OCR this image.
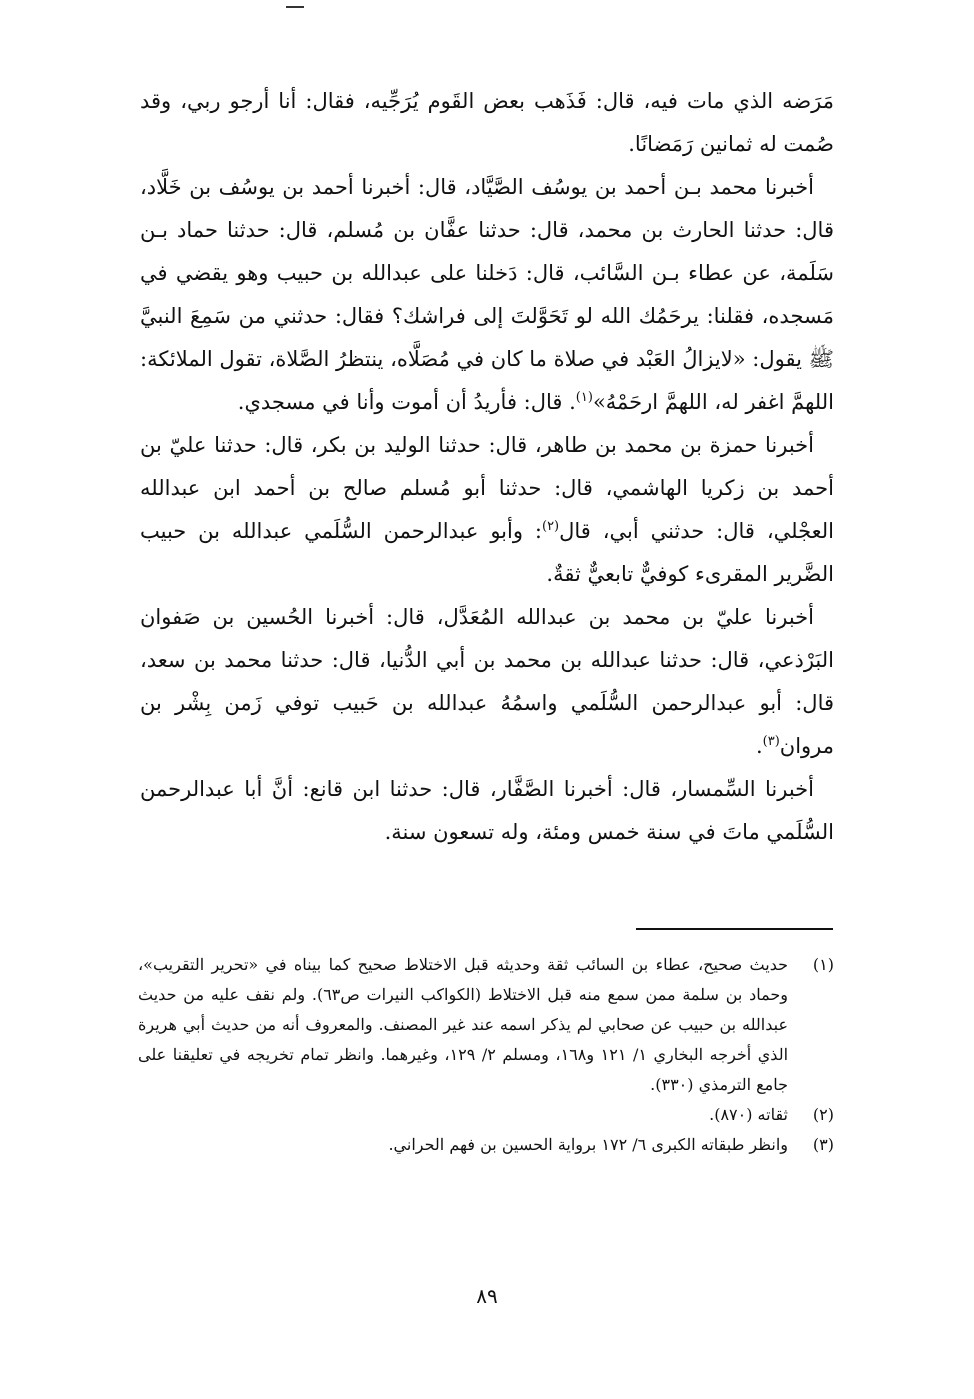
مَرَضه الذي مات فيه، قال: فَذَهب بعض القَوم يُرَجِّيه، فقال: أنا أرجو ربي، وقد صُمت له ثمانين رَمَضانًا.

أخبرنا محمد بـن أحمد بن يوسُف الصَّيَّاد، قال: أخبرنا أحمد بن يوسُف بن خَلَّاد، قال: حدثنا الحارث بن محمد، قال: حدثنا عفَّان بن مُسلم، قال: حدثنا حماد بـن سَلَمة، عن عطاء بـن السَّائب، قال: دَخلنا على عبدالله بن حبيب وهو يقضي في مَسجده، فقلنا: يرحَمُك الله لو تَحَوَّلتَ إلى فراشك؟ فقال: حدثني من سَمِعَ النبيَّ ﷺ يقول: «لايزالُ العَبْد في صلاة ما كان في مُصَلَّاه، ينتظرُ الصَّلاة، تقول الملائكة: اللهمَّ اغفر له، اللهمَّ ارحَمْهُ»$^{(١)}$. قال: فأريدُ أن أموت وأنا في مسجدي.

أخبرنا حمزة بن محمد بن طاهر، قال: حدثنا الوليد بن بكر، قال: حدثنا عليّ بن أحمد بن زكريا الهاشمي، قال: حدثنا أبو مُسلم صالح بن أحمد ابن عبدالله العجْلي، قال: حدثني أبي، قال$^{(٢)}$: وأبو عبدالرحمن السُّلَمي عبدالله بن حبيب الضَّرير المقرىء كوفيٌّ تابعيٌّ ثقةٌ.

أخبرنا عليّ بن محمد بن عبدالله المُعَدَّل، قال: أخبرنا الحُسين بن صَفوان البَرْذعي، قال: حدثنا عبدالله بن محمد بن أبي الدُّنيا، قال: حدثنا محمد بن سعد، قال: أبو عبدالرحمن السُّلَمي واسمُهُ عبدالله بن حَبيب توفي زَمن بِشْر بن مروان$^{(٣)}$.

أخبرنا السِّمسار، قال: أخبرنا الصَّفَّار، قال: حدثنا ابن قانع: أنَّ أبا عبدالرحمن السُّلَمي ماتَ في سنة خمس ومئة، وله تسعون سنة.

(١)
حديث صحيح، عطاء بن السائب ثقة وحديثه قبل الاختلاط صحيح كما بيناه في «تحرير التقريب»، وحماد بن سلمة ممن سمع منه قبل الاختلاط (الكواكب النيرات ص٦٣). ولم نقف عليه من حديث عبدالله بن حبيب عن صحابي لم يذكر اسمه عند غير المصنف. والمعروف أنه من حديث أبي هريرة الذي أخرجه البخاري ١/ ١٢١ و١٦٨، ومسلم ٢/ ١٢٩، وغيرهما. وانظر تمام تخريجه في تعليقنا على جامع الترمذي (٣٣٠).
(٢)
ثقاته (٨٧٠).
(٣)
وانظر طبقاته الكبرى ٦/ ١٧٢ برواية الحسين بن فهم الحراني.
٨٩
